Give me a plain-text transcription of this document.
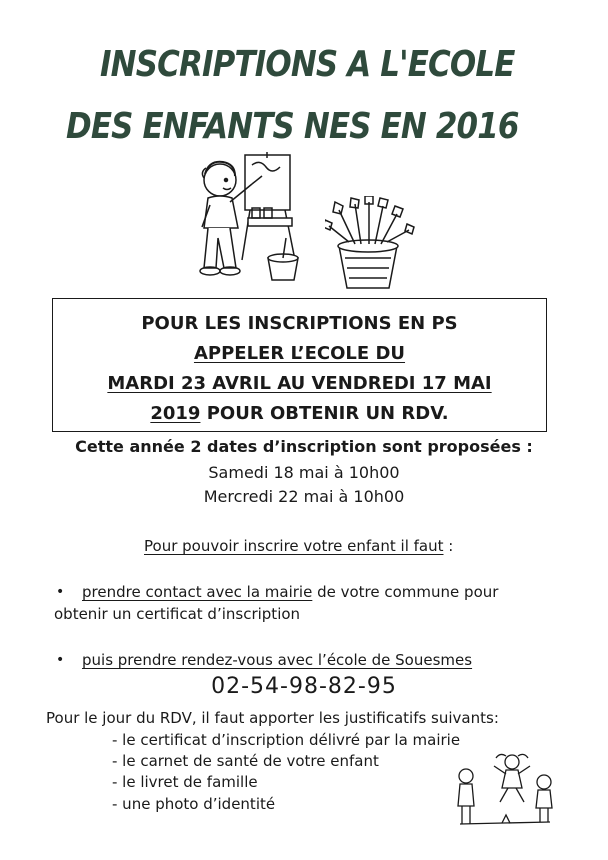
INSCRIPTIONS A L'ECOLE
DES ENFANTS NES EN 2016
POUR LES INSCRIPTIONS EN PS
APPELER L’ECOLE DU
MARDI 23 AVRIL AU VENDREDI 17 MAI
2019 POUR OBTENIR UN RDV.
Cette année 2 dates d’inscription sont proposées :
Samedi 18 mai à 10h00
Mercredi 22 mai à 10h00
Pour pouvoir inscrire votre enfant il faut :
• prendre contact avec la mairie de votre commune pour
obtenir un certificat d’inscription
• puis prendre rendez-vous avec l’école de Souesmes
02-54-98-82-95
Pour le jour du RDV, il faut apporter les justificatifs suivants:
- le certificat d’inscription délivré par la mairie
- le carnet de santé de votre enfant
- le livret de famille
- une photo d’identité
